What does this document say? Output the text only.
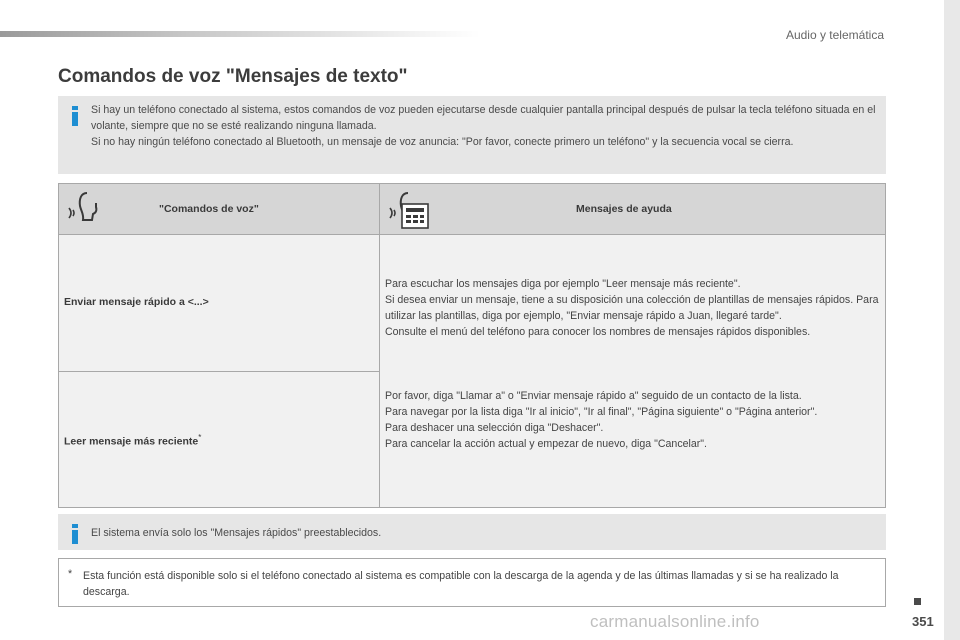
Audio y telemática
Comandos de voz "Mensajes de texto"

Si hay un teléfono conectado al sistema, estos comandos de voz pueden ejecutarse desde cualquier pantalla principal después de pulsar la tecla teléfono situada en el volante, siempre que no se esté realizando ninguna llamada.

Si no hay ningún teléfono conectado al Bluetooth, un mensaje de voz anuncia: "Por favor, conecte primero un teléfono" y la secuencia vocal se cierra.

"Comandos de voz"	Mensajes de ayuda
Enviar mensaje rápido a <...>
Leer mensaje más reciente*
Para escuchar los mensajes diga por ejemplo "Leer mensaje más reciente".
Si desea enviar un mensaje, tiene a su disposición una colección de plantillas de mensajes rápidos. Para utilizar las plantillas, diga por ejemplo, "Enviar mensaje rápido a Juan, llegaré tarde".
Consulte el menú del teléfono para conocer los nombres de mensajes rápidos disponibles.
Por favor, diga "Llamar a" o "Enviar mensaje rápido a" seguido de un contacto de la lista.
Para navegar por la lista diga "Ir al inicio", "Ir al final", "Página siguiente" o "Página anterior".
Para deshacer una selección diga "Deshacer".
Para cancelar la acción actual y empezar de nuevo, diga "Cancelar".

El sistema envía solo los "Mensajes rápidos" preestablecidos.

* Esta función está disponible solo si el teléfono conectado al sistema es compatible con la descarga de la agenda y de las últimas llamadas y si se ha realizado la descarga.

carmanualsonline.info	351
